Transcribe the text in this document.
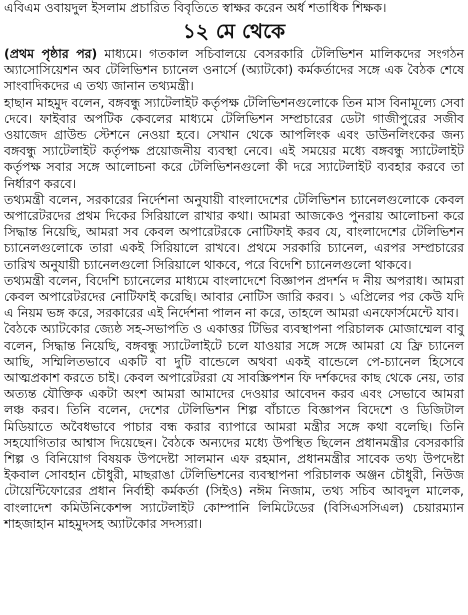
এবিএম ওবায়দুল ইসলাম প্রচারিত বিবৃতিতে স্বাক্ষর করেন অর্ধ শতাধিক শিক্ষক।

১২ মে থেকে

(প্রথম পৃষ্ঠার পর) মাধ্যমে। গতকাল সচিবালয়ে বেসরকারি টেলিভিশন মালিকদের সংগঠন অ্যাসোসিয়েশন অব টেলিভিশন চ্যানেল ওনার্সে (অ্যাটকো) কর্মকর্তাদের সঙ্গে এক বৈঠক শেষে সাংবাদিকদের এ তথ্য জানান তথ্যমন্ত্রী।

হাছান মাহমুদ বলেন, বঙ্গবন্ধু স্যাটেলাইট কর্তৃপক্ষ টেলিভিশনগুলোকে তিন মাস বিনামূল্যে সেবা দেবে। ফাইবার অপটিক কেবলের মাধ্যমে টেলিভিশন সম্প্রচারের ডেটা গাজীপুরের সজীব ওয়াজেদ গ্রাউন্ড স্টেশনে নেওয়া হবে। সেখান থেকে আপলিংক এবং ডাউনলিংকের জন্য বঙ্গবন্ধু স্যাটেলাইট কর্তৃপক্ষ প্রয়োজনীয় ব্যবস্থা নেবে। এই সময়ের মধ্যে বঙ্গবন্ধু স্যাটেলাইট কর্তৃপক্ষ সবার সঙ্গে আলোচনা করে টেলিভিশনগুলো কী দরে স্যাটেলাইট ব্যবহার করবে তা নির্ধারণ করবে।

তথ্যমন্ত্রী বলেন, সরকারের নির্দেশনা অনুযায়ী বাংলাদেশের টেলিভিশন চ্যানেলগুলোকে কেবল অপারেটরদের প্রথম দিকের সিরিয়ালে রাখার কথা। আমরা আজকেও পুনরায় আলোচনা করে সিদ্ধান্ত নিয়েছি, আমরা সব কেবল অপারেটরকে নোটিফাই করব যে, বাংলাদেশের টেলিভিশন চ্যানেলগুলোকে তারা একই সিরিয়ালে রাখবে। প্রথমে সরকারি চ্যানেল, এরপর সম্প্রচারের তারিখ অনুযায়ী চ্যানেলগুলো সিরিয়ালে থাকবে, পরে বিদেশি চ্যানেলগুলো থাকবে।

তথ্যমন্ত্রী বলেন, বিদেশি চ্যানেলের মাধ্যমে বাংলাদেশে বিজ্ঞাপন প্রদর্শন দ নীয় অপরাধ। আমরা কেবল অপারেটরদের নোটিফাই করেছি। আবার নোটিস জারি করব। ১ এপ্রিলের পর কেউ যদি এ নিয়ম ভঙ্গ করে, সরকারের এই নির্দেশনা পালন না করে, তাহলে আমরা এনফোর্সমেন্টে যাব।

বৈঠকে অ্যাটকোর জ্যেষ্ঠ সহ-সভাপতি ও একাত্তর টিভির ব্যবস্থাপনা পরিচালক মোজাম্মেল বাবু বলেন, সিদ্ধান্ত নিয়েছি, বঙ্গবন্ধু স্যাটেলাইটে চলে যাওয়ার সঙ্গে সঙ্গে আমরা যে ফ্রি চ্যানেল আছি, সম্মিলিতভাবে একটি বা দুটি বান্ডেলে অথবা একই বান্ডেলে পে-চ্যানেল হিসেবে আত্মপ্রকাশ করতে চাই। কেবল অপারেটররা যে সাবস্ক্রিপশন ফি দর্শকদের কাছ থেকে নেয়, তার অত্যন্ত যৌক্তিক একটা অংশ আমরা আমাদের দেওয়ার আবেদন করব এবং সেভাবে আমরা লঞ্চ করব। তিনি বলেন, দেশের টেলিভিশন শিল্প বাঁচাতে বিজ্ঞাপন বিদেশে ও ডিজিটাল মিডিয়াতে অবৈধভাবে পাচার বন্ধ করার ব্যাপারে আমরা মন্ত্রীর সঙ্গে কথা বলেছি। তিনি সহযোগিতার আশ্বাস দিয়েছেন। বৈঠকে অন্যদের মধ্যে উপস্থিত ছিলেন প্রধানমন্ত্রীর বেসরকারি শিল্প ও বিনিয়োগ বিষয়ক উপদেষ্টা সালমান এফ রহমান, প্রধানমন্ত্রীর সাবেক তথ্য উপদেষ্টা ইকবাল সোবহান চৌধুরী, মাছরাঙা টেলিভিশনের ব্যবস্থাপনা পরিচালক অঞ্জন চৌধুরী, নিউজ টোয়েন্টিফোরের প্রধান নির্বাহী কর্মকর্তা (সিইও) নঈম নিজাম, তথ্য সচিব আবদুল মালেক, বাংলাদেশ কমিউনিকেশন্স স্যাটেলাইট কোম্পানি লিমিটেডের (বিসিএসসিএল) চেয়ারম্যান শাহজাহান মাহমুদসহ অ্যাটকোর সদস্যরা।
